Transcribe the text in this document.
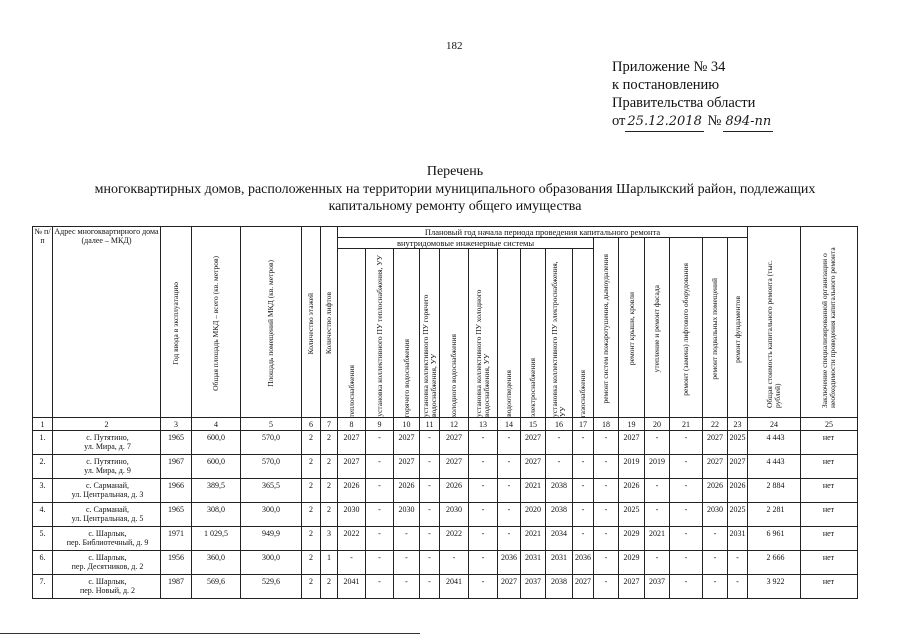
182
Приложение № 34
к постановлению
Правительства области
от 25.12.2018 № 894-пп
Перечень
многоквартирных домов, расположенных на территории муниципального образования Шарлыкский район, подлежащих
капитальному ремонту общего имущества
№ п/п	Адрес многоквартирного дома (далее – МКД)	Год ввода в эксплуатацию	Общая площадь МКД – всего (кв. метров)	Площадь помещений МКД (кв. метров)	Количество этажей	Количество лифтов	Плановый год начала периода проведения капитального ремонта																Общая стоимость капитального ремонта (тыс. рублей)	Заключение специализированной организации о необходимости проведения капитального ремонта

							внутридомовые инженерные системы										ремонт систем пожаротушения, дымоудаления	ремонт крыши, кровли	утепление и ремонт фасада	ремонт (замена) лифтового оборудования	ремонт подвальных помещений	ремонт фундаментов		

							теплоснабжения	установка коллективного ПУ теплоснабжения, УУ	горячего водоснабжения	установка коллективного ПУ горячего водоснабжения, УУ	холодного водоснабжения	установка коллективного ПУ холодного водоснабжения, УУ	водоотведения	электроснабжения	установка коллективного ПУ электроснабжения, УУ	газоснабжения								

1	2	3	4	5	6	7	8	9	10	11	12	13	14	15	16	17	18	19	20	21	22	23	24	25
1.	с. Путятино,
ул. Мира, д. 7	1965	600,0	570,0	2	2	2027	-	2027	-	2027	-	-	2027	-	-	-	2027	-	-	2027	2025	4 443	нет
2.	с. Путятино,
ул. Мира, д. 9	1967	600,0	570,0	2	2	2027	-	2027	-	2027	-	-	2027	-	-	-	2019	2019	-	2027	2027	4 443	нет
3.	с. Сарманай,
ул. Центральная, д. 3	1966	389,5	365,5	2	2	2026	-	2026	-	2026	-	-	2021	2038	-	-	2026	-	-	2026	2026	2 884	нет
4.	с. Сарманай,
ул. Центральная, д. 5	1965	308,0	300,0	2	2	2030	-	2030	-	2030	-	-	2020	2038	-	-	2025	-	-	2030	2025	2 281	нет
5.	с. Шарлык,
пер. Библиотечный, д. 9	1971	1 029,5	949,9	2	3	2022	-	-	-	2022	-	-	2021	2034	-	-	2029	2021	-	-	2031	6 961	нет
6.	с. Шарлык,
пер. Десятников, д. 2	1956	360,0	300,0	2	1	-	-	-	-	-	-	2036	2031	2031	2036	-	2029	-	-	-	-	2 666	нет
7.	с. Шарлык,
пер. Новый, д. 2	1987	569,6	529,6	2	2	2041	-	-	-	2041	-	2027	2037	2038	2027	-	2027	2037	-	-	-	3 922	нет
